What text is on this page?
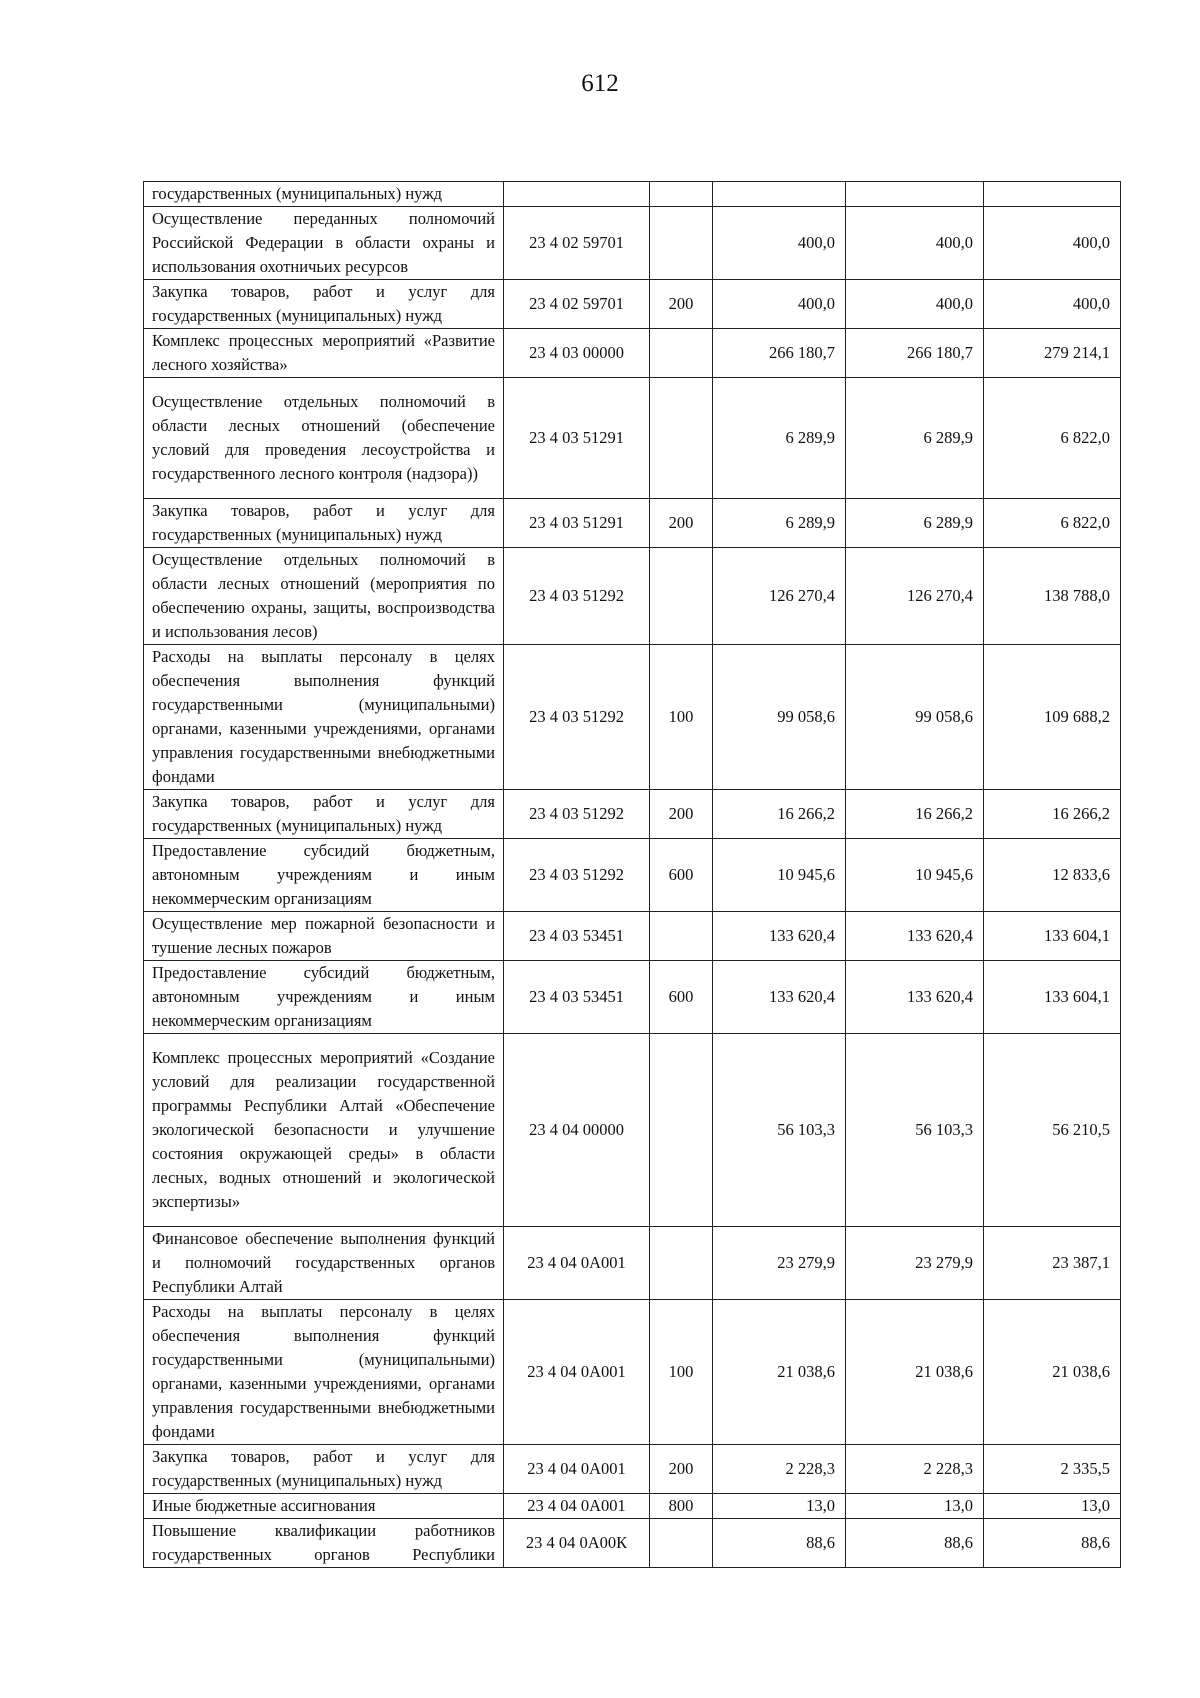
612
государственных (муниципальных) нужд					
Осуществление переданных полномочий Российской Федерации в области охраны и использования охотничьих ресурсов	23 4 02 59701		400,0	400,0	400,0
Закупка товаров, работ и услуг для государственных (муниципальных) нужд	23 4 02 59701	200	400,0	400,0	400,0
Комплекс процессных мероприятий «Развитие лесного хозяйства»	23 4 03 00000		266 180,7	266 180,7	279 214,1
Осуществление отдельных полномочий в области лесных отношений (обеспечение условий для проведения лесоустройства и государственного лесного контроля (надзора))	23 4 03 51291		6 289,9	6 289,9	6 822,0
Закупка товаров, работ и услуг для государственных (муниципальных) нужд	23 4 03 51291	200	6 289,9	6 289,9	6 822,0
Осуществление отдельных полномочий в области лесных отношений (мероприятия по обеспечению охраны, защиты, воспроизводства и использования лесов)	23 4 03 51292		126 270,4	126 270,4	138 788,0
Расходы на выплаты персоналу в целях обеспечения выполнения функций государственными (муниципальными) органами, казенными учреждениями, органами управления государственными внебюджетными фондами	23 4 03 51292	100	99 058,6	99 058,6	109 688,2
Закупка товаров, работ и услуг для государственных (муниципальных) нужд	23 4 03 51292	200	16 266,2	16 266,2	16 266,2
Предоставление субсидий бюджетным, автономным учреждениям и иным некоммерческим организациям	23 4 03 51292	600	10 945,6	10 945,6	12 833,6
Осуществление мер пожарной безопасности и тушение лесных пожаров	23 4 03 53451		133 620,4	133 620,4	133 604,1
Предоставление субсидий бюджетным, автономным учреждениям и иным некоммерческим организациям	23 4 03 53451	600	133 620,4	133 620,4	133 604,1
Комплекс процессных мероприятий «Создание условий для реализации государственной программы Республики Алтай «Обеспечение экологической безопасности и улучшение состояния окружающей среды» в области лесных, водных отношений и экологической экспертизы»	23 4 04 00000		56 103,3	56 103,3	56 210,5
Финансовое обеспечение выполнения функций и полномочий государственных органов Республики Алтай	23 4 04 0А001		23 279,9	23 279,9	23 387,1
Расходы на выплаты персоналу в целях обеспечения выполнения функций государственными (муниципальными) органами, казенными учреждениями, органами управления государственными внебюджетными фондами	23 4 04 0А001	100	21 038,6	21 038,6	21 038,6
Закупка товаров, работ и услуг для государственных (муниципальных) нужд	23 4 04 0А001	200	2 228,3	2 228,3	2 335,5
Иные бюджетные ассигнования	23 4 04 0А001	800	13,0	13,0	13,0
Повышение квалификации работников государственных органов Республики	23 4 04 0А00К		88,6	88,6	88,6
